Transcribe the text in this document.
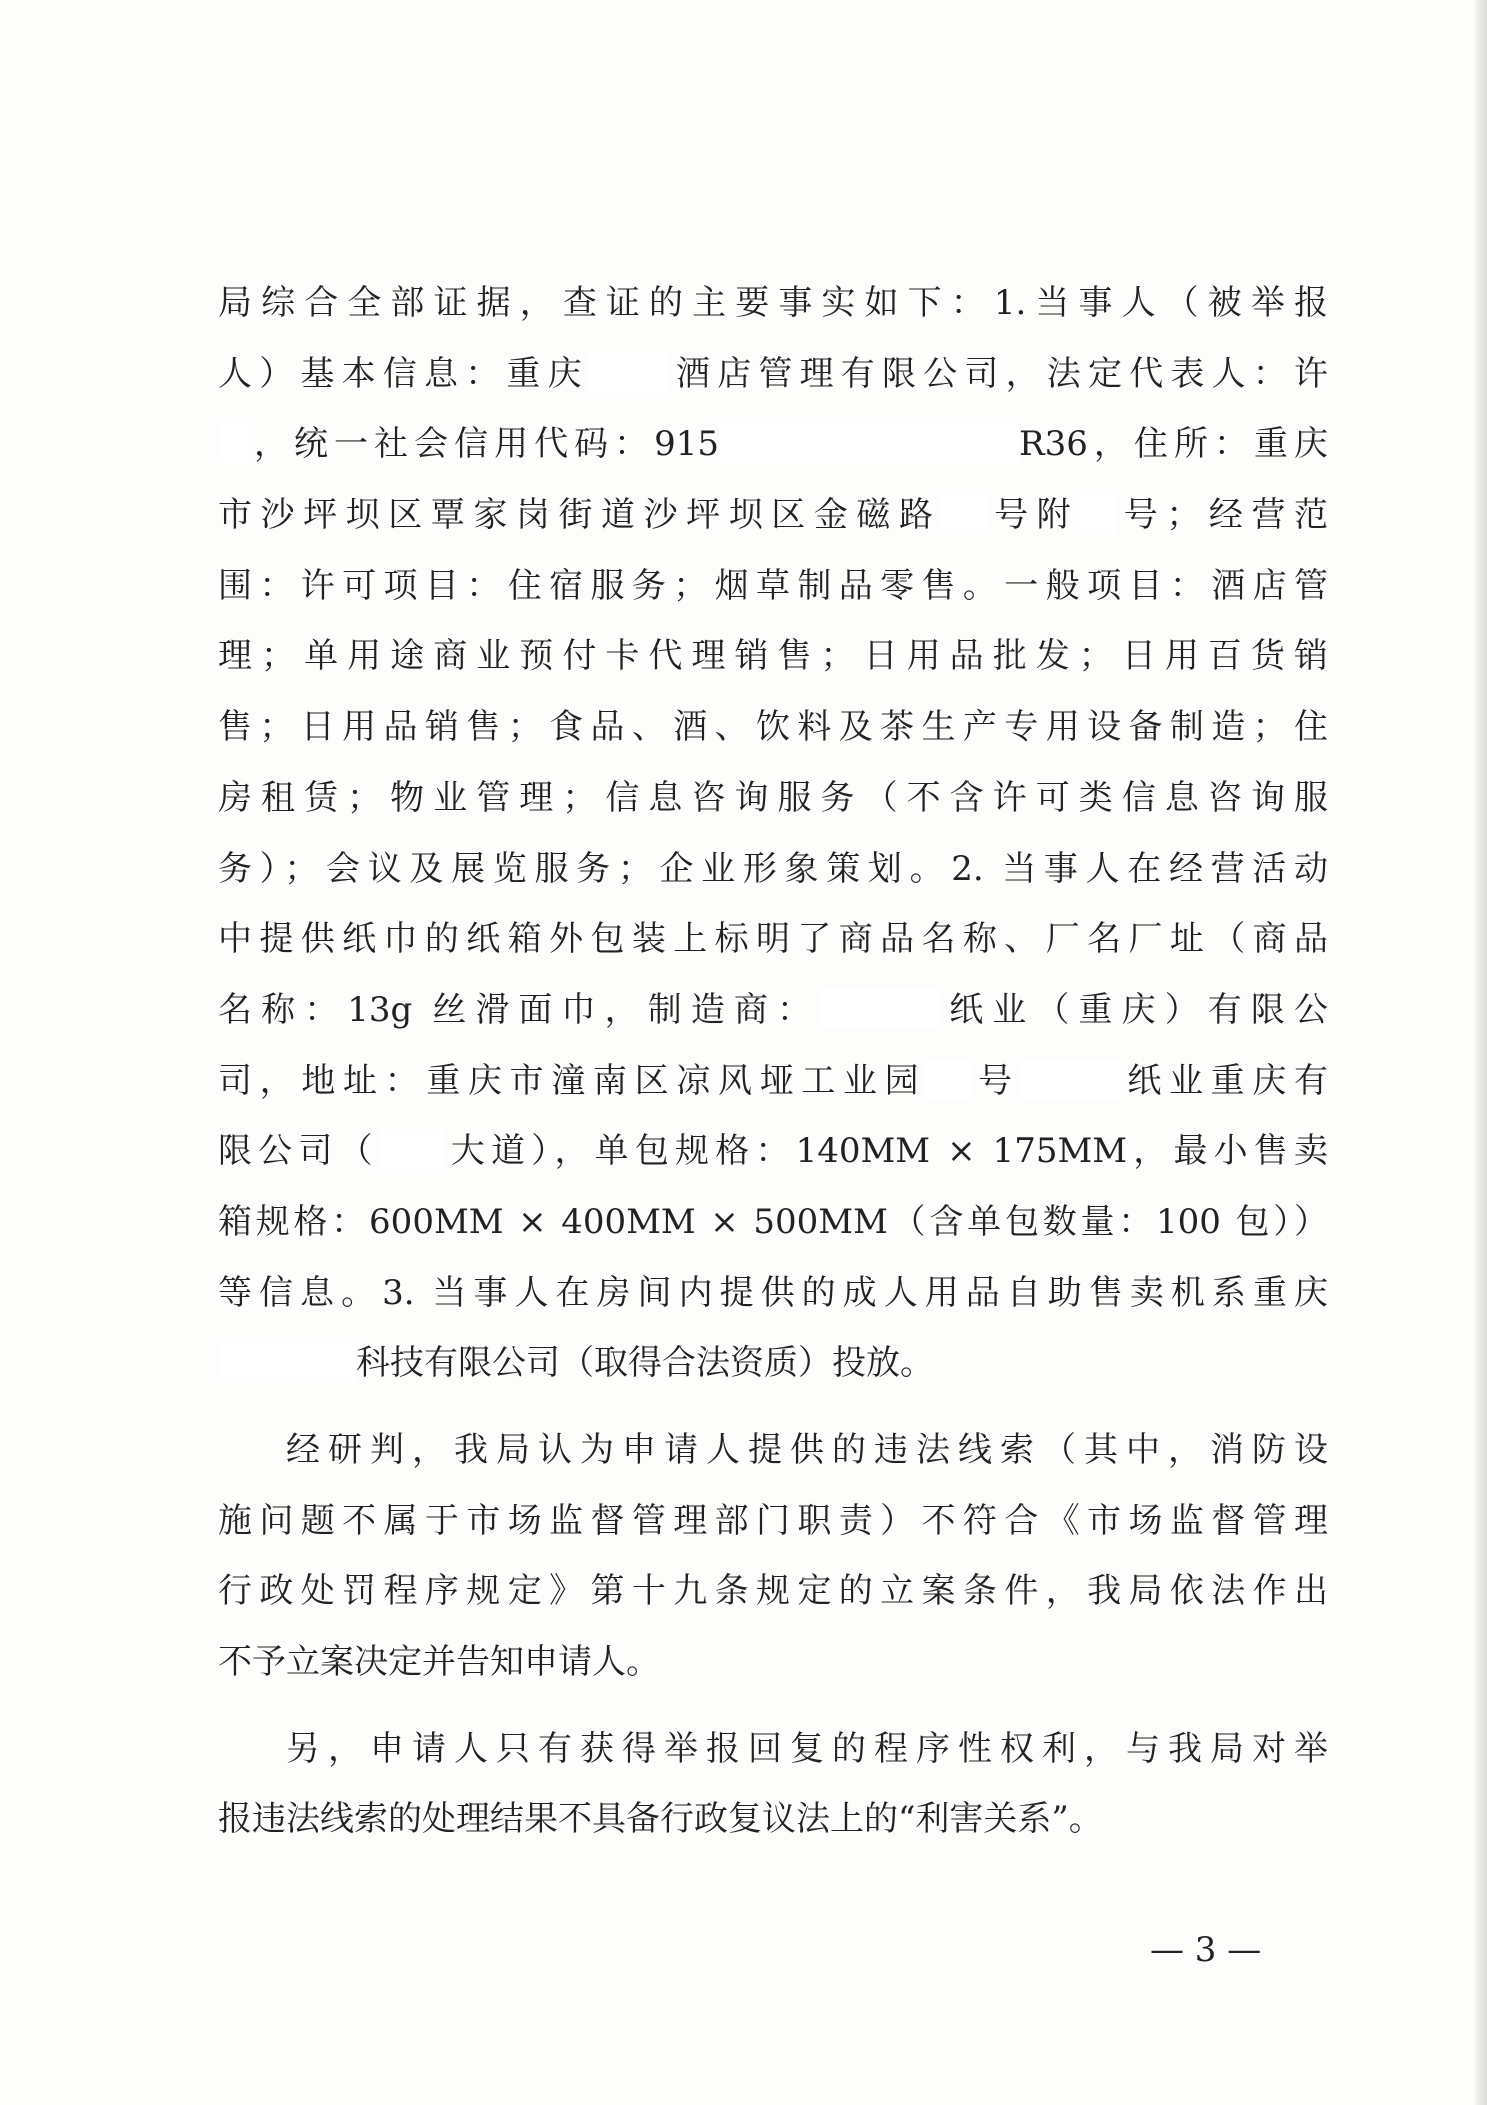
局综合全部证据，查证的主要事实如下：1.当事人（被举报
人）基本信息：重庆 酒店管理有限公司，法定代表人：许
，统一社会信用代码：915	R36，住所：重庆
市沙坪坝区覃家岗街道沙坪坝区金磁路 号附 号；经营范
围：许可项目：住宿服务；烟草制品零售。一般项目：酒店管
理；单用途商业预付卡代理销售；日用品批发；日用百货销
售；日用品销售；食品、酒、饮料及茶生产专用设备制造；住
房租赁；物业管理；信息咨询服务（不含许可类信息咨询服
务）；会议及展览服务；企业形象策划。2. 当事人在经营活动
中提供纸巾的纸箱外包装上标明了商品名称、厂名厂址（商品
名称：13g 丝滑面巾，制造商：	纸业（重庆）有限公
司，地址：重庆市潼南区凉风垭工业园 号	纸业重庆有
限公司（ 大道），单包规格：140MM × 175MM，最小售卖
箱规格：600MM × 400MM × 500MM（含单包数量：100 包））
等信息。3. 当事人在房间内提供的成人用品自助售卖机系重庆
科技有限公司（取得合法资质）投放。
经研判，我局认为申请人提供的违法线索（其中，消防设
施问题不属于市场监督管理部门职责）不符合《市场监督管理
行政处罚程序规定》第十九条规定的立案条件，我局依法作出
不予立案决定并告知申请人。
另，申请人只有获得举报回复的程序性权利，与我局对举
报违法线索的处理结果不具备行政复议法上的“利害关系”。
— 3 —
